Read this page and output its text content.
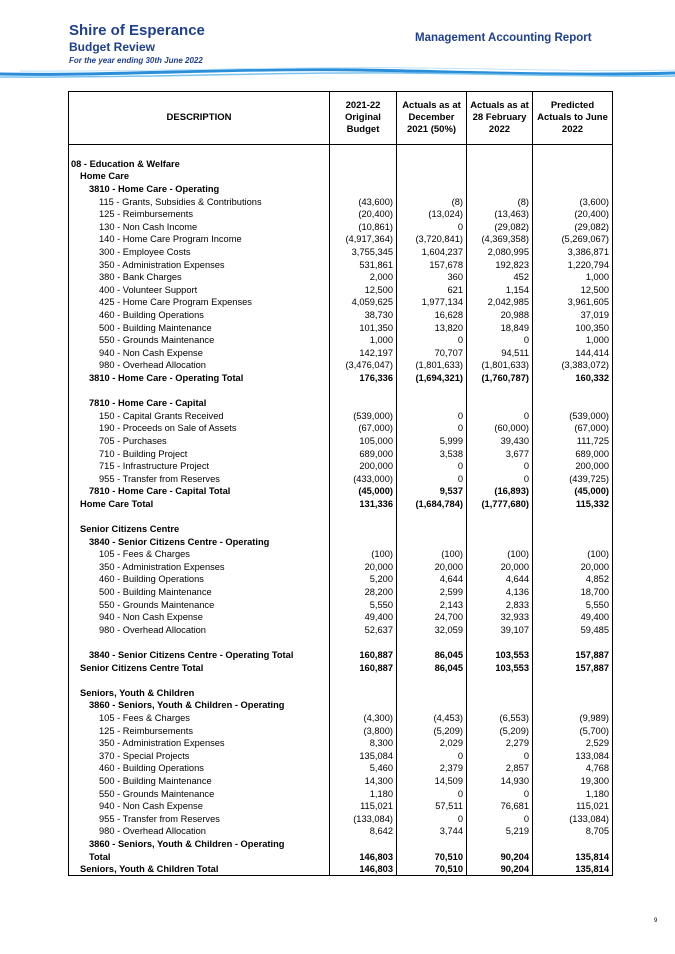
Shire of Esperance
Budget Review
For the year ending 30th June 2022
Management Accounting Report
DESCRIPTION	2021-22 Original Budget	Actuals as at December 2021 (50%)	Actuals as at 28 February 2022	Predicted Actuals to June 2022

08 - Education & Welfare				
Home Care				
3810 - Home Care - Operating				
115 - Grants, Subsidies & Contributions	(43,600)	(8)	(8)	(3,600)
125 - Reimbursements	(20,400)	(13,024)	(13,463)	(20,400)
130 - Non Cash Income	(10,861)	0	(29,082)	(29,082)
140 - Home Care Program Income	(4,917,364)	(3,720,841)	(4,369,358)	(5,269,067)
300 - Employee Costs	3,755,345	1,604,237	2,080,995	3,386,871
350 - Administration Expenses	531,861	157,678	192,823	1,220,794
380 - Bank Charges	2,000	360	452	1,000
400 - Volunteer Support	12,500	621	1,154	12,500
425 - Home Care Program Expenses	4,059,625	1,977,134	2,042,985	3,961,605
460 - Building Operations	38,730	16,628	20,988	37,019
500 - Building Maintenance	101,350	13,820	18,849	100,350
550 - Grounds Maintenance	1,000	0	0	1,000
940 - Non Cash Expense	142,197	70,707	94,511	144,414
980 - Overhead Allocation	(3,476,047)	(1,801,633)	(1,801,633)	(3,383,072)
3810 - Home Care - Operating Total	176,336	(1,694,321)	(1,760,787)	160,332

7810 - Home Care - Capital				
150 - Capital Grants Received	(539,000)	0	0	(539,000)
190 - Proceeds on Sale of Assets	(67,000)	0	(60,000)	(67,000)
705 - Purchases	105,000	5,999	39,430	111,725
710 - Building Project	689,000	3,538	3,677	689,000
715 - Infrastructure Project	200,000	0	0	200,000
955 - Transfer from Reserves	(433,000)	0	0	(439,725)
7810 - Home Care - Capital Total	(45,000)	9,537	(16,893)	(45,000)
Home Care Total	131,336	(1,684,784)	(1,777,680)	115,332

Senior Citizens Centre				
3840 - Senior Citizens Centre - Operating				
105 - Fees & Charges	(100)	(100)	(100)	(100)
350 - Administration Expenses	20,000	20,000	20,000	20,000
460 - Building Operations	5,200	4,644	4,644	4,852
500 - Building Maintenance	28,200	2,599	4,136	18,700
550 - Grounds Maintenance	5,550	2,143	2,833	5,550
940 - Non Cash Expense	49,400	24,700	32,933	49,400
980 - Overhead Allocation	52,637	32,059	39,107	59,485

3840 - Senior Citizens Centre - Operating Total	160,887	86,045	103,553	157,887
Senior Citizens Centre Total	160,887	86,045	103,553	157,887

Seniors, Youth & Children				
3860 - Seniors, Youth & Children - Operating				
105 - Fees & Charges	(4,300)	(4,453)	(6,553)	(9,989)
125 - Reimbursements	(3,800)	(5,209)	(5,209)	(5,700)
350 - Administration Expenses	8,300	2,029	2,279	2,529
370 - Special Projects	135,084	0	0	133,084
460 - Building Operations	5,460	2,379	2,857	4,768
500 - Building Maintenance	14,300	14,509	14,930	19,300
550 - Grounds Maintenance	1,180	0	0	1,180
940 - Non Cash Expense	115,021	57,511	76,681	115,021
955 - Transfer from Reserves	(133,084)	0	0	(133,084)
980 - Overhead Allocation	8,642	3,744	5,219	8,705
3860 - Seniors, Youth & Children - Operating				
Total	146,803	70,510	90,204	135,814
Seniors, Youth & Children Total	146,803	70,510	90,204	135,814
9
